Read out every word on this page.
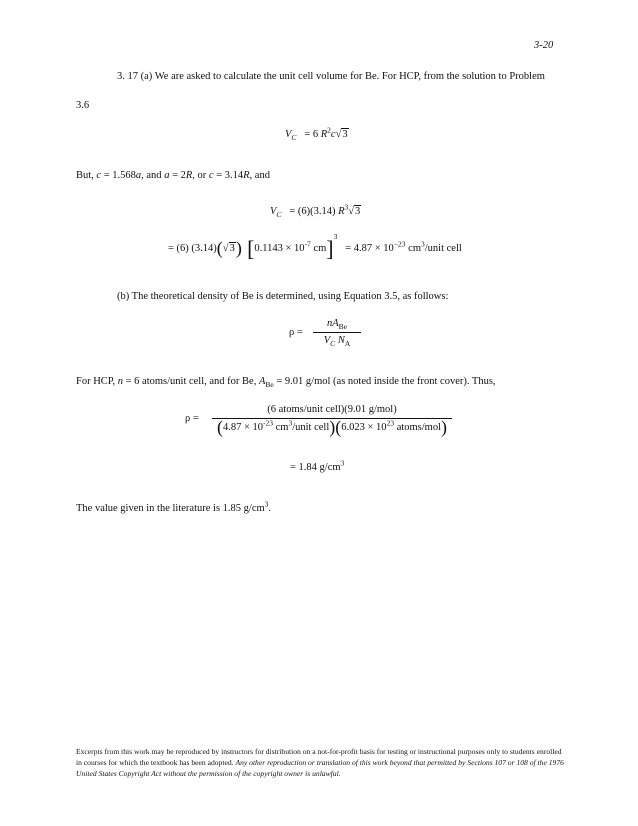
3-20
3. 17 (a) We are asked to calculate the unit cell volume for Be. For HCP, from the solution to Problem
3.6
$V_C = 6$ $R^2c√3$
But, c = 1.568a, and a = 2R, or c = 3.14R, and
$V_C = (6)(3.14)$ $R^3√3$
= (6) (3.14)(√3) [$0.1143 \times 10^{-7}$ $cm]^3 = 4.87 \times 10^{-23}$ $cm^3$/unit cell
(b) The theoretical density of Be is determined, using Equation 3.5, as follows:
ρ =
$nA_{Be}$
$V_C$ $N_A$
For HCP, n = 6 atoms/unit cell, and for Be, $A_{Be} = 9.01$ g/mol (as noted inside the front cover). Thus,
ρ =
(6 atoms/unit cell)(9.01 g/mol)
($4.87 \times 10^{-23}$ $cm^3$/unit cell)(6.023 × $10^{23}$ atoms/mol)
= 1.84 $g/cm^3$
The value given in the literature is 1.85 $g/cm^3$.
Excerpts from this work may be reproduced by instructors for distribution on a not-for-profit basis for testing or instructional purposes only to students enrolled in courses for which the textbook has been adopted. Any other reproduction or translation of this work beyond that permitted by Sections 107 or 108 of the 1976 United States Copyright Act without the permission of the copyright owner is unlawful.
